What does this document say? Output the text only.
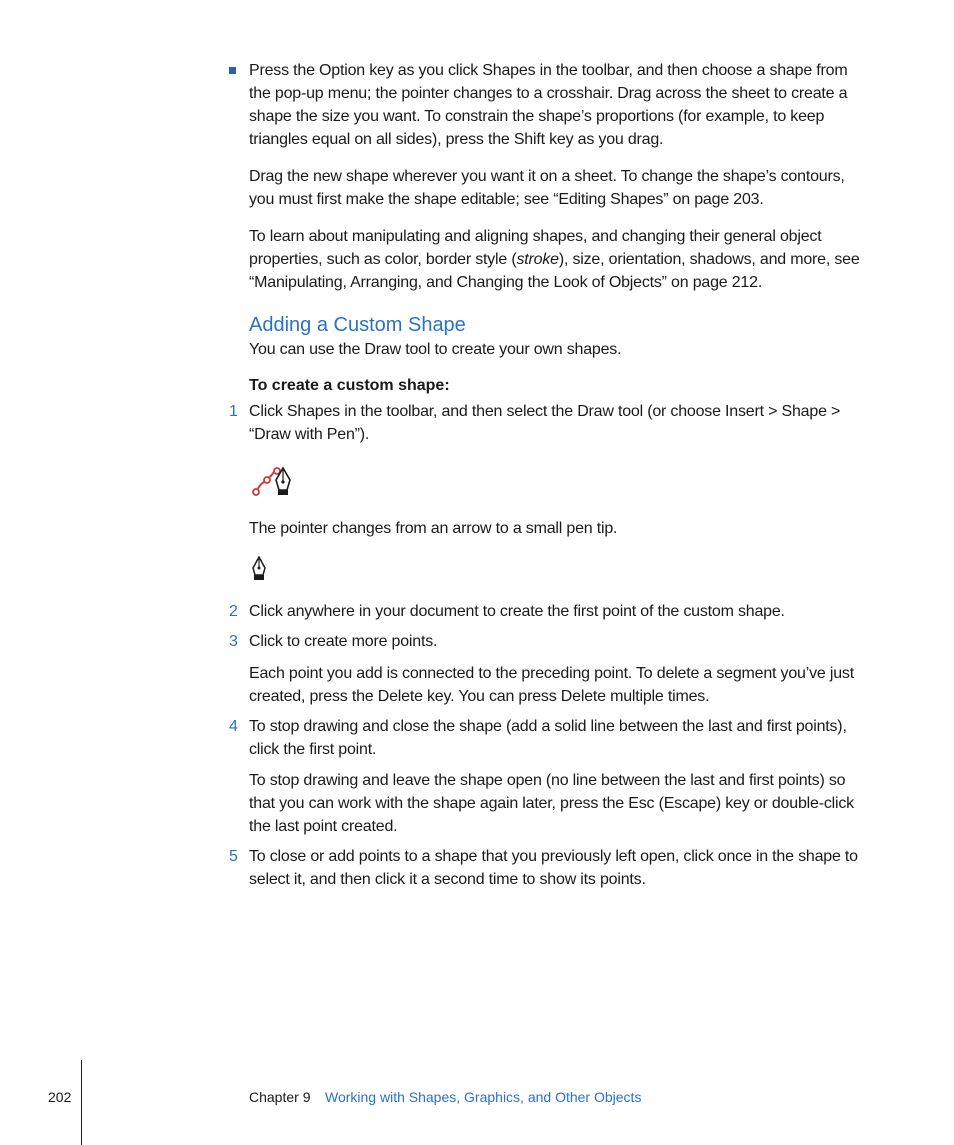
Press the Option key as you click Shapes in the toolbar, and then choose a shape from the pop-up menu; the pointer changes to a crosshair. Drag across the sheet to create a shape the size you want. To constrain the shape’s proportions (for example, to keep triangles equal on all sides), press the Shift key as you drag.

Drag the new shape wherever you want it on a sheet. To change the shape’s contours, you must first make the shape editable; see “Editing Shapes” on page 203.

To learn about manipulating and aligning shapes, and changing their general object properties, such as color, border style (stroke), size, orientation, shadows, and more, see “Manipulating, Arranging, and Changing the Look of Objects” on page 212.

Adding a Custom Shape

You can use the Draw tool to create your own shapes.

To create a custom shape:

1 Click Shapes in the toolbar, and then select the Draw tool (or choose Insert > Shape > “Draw with Pen”).

The pointer changes from an arrow to a small pen tip.

2 Click anywhere in your document to create the first point of the custom shape.

3 Click to create more points.

Each point you add is connected to the preceding point. To delete a segment you’ve just created, press the Delete key. You can press Delete multiple times.

4 To stop drawing and close the shape (add a solid line between the last and first points), click the first point.

To stop drawing and leave the shape open (no line between the last and first points) so that you can work with the shape again later, press the Esc (Escape) key or double-click the last point created.

5 To close or add points to a shape that you previously left open, click once in the shape to select it, and then click it a second time to show its points.

202	Chapter 9 Working with Shapes, Graphics, and Other Objects
